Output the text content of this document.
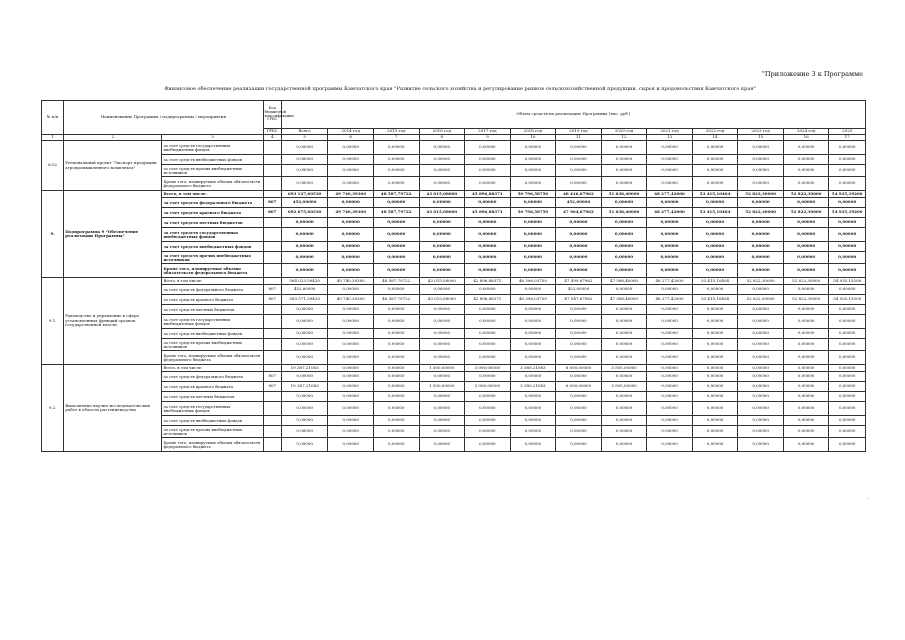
"Приложение 3 к Программе
Финансовое обеспечение реализации государственной программы Камчатского края "Развитие сельского хозяйства и регулирование рынков сельскохозяйственной продукции, сырья и продовольствия Камчатского края"
№ п/п	Наименование Программы / подпрограммы / мероприятия		Код бюджетной классификации ГРБС	Объем средств на реализацию Программы (тыс. руб.)												
			ГРБС	Всего	2014 год	2015 год	2016 год	2017 год	2018 год	2019 год	2020 год	2021 год	2022 год	2023 год	2024 год	2025
1	2	3	4	5	6	7	8	9	10	11	12	13	14	15	16	17
6.02	Региональный проект "Экспорт продукции агропромышленного комплекса"	за счет средств государственных внебюджетных фондов		0,00000	0,00000	0,00000	0,00000	0,00000	0,00000	0,00000	0,00000	0,00000	0,00000	0,00000	0,00000	0,00000
		за счет средств внебюджетных фондов		0,00000	0,00000	0,00000	0,00000	0,00000	0,00000	0,00000	0,00000	0,00000	0,00000	0,00000	0,00000	0,00000
		за счет средств прочих внебюджетных источников		0,00000	0,00000	0,00000	0,00000	0,00000	0,00000	0,00000	0,00000	0,00000	0,00000	0,00000	0,00000	0,00000
		Кроме того, планируемые объемы обязательств федерального бюджета		0,00000	0,00000	0,00000	0,00000	0,00000	0,00000	0,00000	0,00000	0,00000	0,00000	0,00000	0,00000	0,00000
9.	Подпрограмма 9 "Обеспечение реализации Программы"	Всего, в том числе:		693 127,60530	49 740,39300	48 587,79722	43 015,08000	45 896,88371	50 796,58750	48 416,67962	51 038,40000	48 277,42000	53 415,10404	52 822,30000	52 822,30000	54 935,19200
		за счет средств федерального бюджета	807	452,00000	0,00000	0,00000	0,00000	0,00000	0,00000	452,00000	0,00000	0,00000	0,00000	0,00000	0,00000	0,00000
		за счет средств краевого бюджета	807	692 675,60530	49 740,39300	48 587,79722	43 015,08000	45 896,88371	50 796,58750	47 964,67962	51 038,40000	48 277,42000	53 415,10404	52 822,30000	52 822,30000	54 935,19200
		за счет средств местных бюджетов		0,00000	0,00000	0,00000	0,00000	0,00000	0,00000	0,00000	0,00000	0,00000	0,00000	0,00000	0,00000	0,00000
		за счет средств государственных внебюджетных фондов		0,00000	0,00000	0,00000	0,00000	0,00000	0,00000	0,00000	0,00000	0,00000	0,00000	0,00000	0,00000	0,00000
		за счет средств внебюджетных фондов		0,00000	0,00000	0,00000	0,00000	0,00000	0,00000	0,00000	0,00000	0,00000	0,00000	0,00000	0,00000	0,00000
		за счет средств прочих внебюджетных источников		0,00000	0,00000	0,00000	0,00000	0,00000	0,00000	0,00000	0,00000	0,00000	0,00000	0,00000	0,00000	0,00000
		Кроме того, планируемые объемы обязательств федерального бюджета		0,00000	0,00000	0,00000	0,00000	0,00000	0,00000	0,00000	0,00000	0,00000	0,00000	0,00000	0,00000	0,00000
9.1.	Руководство и управление в сфере установленных функций органов государственной власти	Всего, в том числе:		584 023,59420	49 740,39300	48 587,79722	43 015,08000	42 896,88371	46 396,03750	47 499,67962	47 586,40000	48 277,42000	53 415,10404	52 822,30000	52 822,30000	54 935,19200
		за счет средств федерального бюджета	807	452,00000	0,00000	0,00000	0,00000	0,00000	0,00000	452,00000	0,00000	0,00000	0,00000	0,00000	0,00000	0,00000
		за счет средств краевого бюджета	807	583 571,59420	49 740,39300	48 587,79722	43 015,08000	42 896,88371	46 396,03750	47 047,67962	47 586,40000	48 277,42000	53 415,10404	52 822,30000	52 822,30000	54 935,19200
		за счет средств местных бюджетов		0,00000	0,00000	0,00000	0,00000	0,00000	0,00000	0,00000	0,00000	0,00000	0,00000	0,00000	0,00000	0,00000
		за счет средств государственных внебюджетных фондов		0,00000	0,00000	0,00000	0,00000	0,00000	0,00000	0,00000	0,00000	0,00000	0,00000	0,00000	0,00000	0,00000
		за счет средств внебюджетных фондов		0,00000	0,00000	0,00000	0,00000	0,00000	0,00000	0,00000	0,00000	0,00000	0,00000	0,00000	0,00000	0,00000
		за счет средств прочих внебюджетных источников		0,00000	0,00000	0,00000	0,00000	0,00000	0,00000	0,00000	0,00000	0,00000	0,00000	0,00000	0,00000	0,00000
		Кроме того, планируемые объемы обязательств федерального бюджета		0,00000	0,00000	0,00000	0,00000	0,00000	0,00000	0,00000	0,00000	0,00000	0,00000	0,00000	0,00000	0,00000
9.2.	Выполнение научно-исследовательских работ в области растениеводства	Всего, в том числе:		19 387,21083	0,00000	0,00000	1 500,00000	3 000,00000	3 380,21083	6 000,00000	3 505,00000	0,00000	0,00000	0,00000	0,00000	0,00000
		за счет средств федерального бюджета	807	0,00000	0,00000	0,00000	0,00000	0,00000	0,00000	0,00000	0,00000	0,00000	0,00000	0,00000	0,00000	0,00000
		за счет средств краевого бюджета	807	19 387,21083	0,00000	0,00000	1 500,00000	3 000,00000	3 380,21083	6 000,00000	3 505,00000	0,00000	0,00000	0,00000	0,00000	0,00000
		за счет средств местных бюджетов		0,00000	0,00000	0,00000	0,00000	0,00000	0,00000	0,00000	0,00000	0,00000	0,00000	0,00000	0,00000	0,00000
		за счет средств государственных внебюджетных фондов		0,00000	0,00000	0,00000	0,00000	0,00000	0,00000	0,00000	0,00000	0,00000	0,00000	0,00000	0,00000	0,00000
		за счет средств внебюджетных фондов		0,00000	0,00000	0,00000	0,00000	0,00000	0,00000	0,00000	0,00000	0,00000	0,00000	0,00000	0,00000	0,00000
		за счет средств прочих внебюджетных источников		0,00000	0,00000	0,00000	0,00000	0,00000	0,00000	0,00000	0,00000	0,00000	0,00000	0,00000	0,00000	0,00000
		Кроме того, планируемые объемы обязательств федерального бюджета		0,00000	0,00000	0,00000	0,00000	0,00000	0,00000	0,00000	0,00000	0,00000	0,00000	0,00000	0,00000	0,00000
.
